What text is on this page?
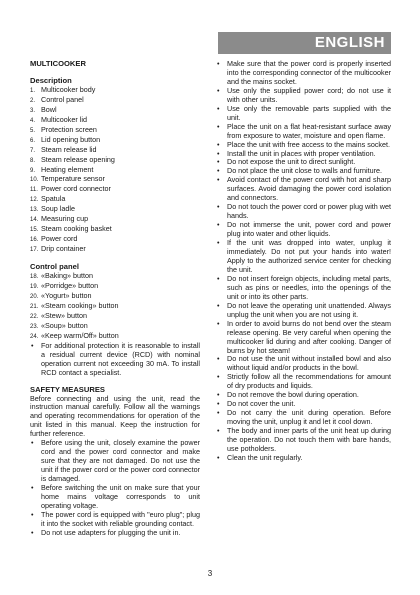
ENGLISH

MULTICOOKER

Description

1. Multicooker body

2. Control panel

3. Bowl

4. Multicooker lid

5. Protection screen

6. Lid opening button

7. Steam release lid

8. Steam release opening

9. Heating element

10. Temperature sensor

11. Power cord connector

12. Spatula

13. Soup ladle

14. Measuring cup

15. Steam cooking basket

16. Power cord

17. Drip container

Control panel

18. «Baking» button

19. «Porridge» button

20. «Yogurt» button

21. «Steam cooking» button

22. «Stew» button

23. «Soup» button

24. «Keep warm/Off» button

• For additional protection it is reasonable to install a residual current device (RCD) with nominal operation current not exceeding 30 mA. To install RCD contact a specialist.

SAFETY MEASURES

Before connecting and using the unit, read the instruction manual carefully. Follow all the warnings and operating recommendations for operation of the unit listed in this manual. Keep the instruction for further reference.

• Before using the unit, closely examine the power cord and the power cord connector and make sure that they are not damaged. Do not use the unit if the power cord or the power cord connector is damaged.
• Before switching the unit on make sure that your home mains voltage corresponds to unit operating voltage.
• The power cord is equipped with "euro plug"; plug it into the socket with reliable grounding contact.
• Do not use adapters for plugging the unit in.
• Make sure that the power cord is properly inserted into the corresponding connector of the multicooker and the mains socket.
• Use only the supplied power cord; do not use it with other units.
• Use only the removable parts supplied with the unit.
• Place the unit on a flat heat-resistant surface away from exposure to water, moisture and open flame.
• Place the unit with free access to the mains socket.
• Install the unit in places with proper ventilation.
• Do not expose the unit to direct sunlight.
• Do not place the unit close to walls and furniture.
• Avoid contact of the power cord with hot and sharp surfaces. Avoid damaging the power cord isolation and connectors.
• Do not touch the power cord or power plug with wet hands.
• Do not immerse the unit, power cord and power plug into water and other liquids.
• If the unit was dropped into water, unplug it immediately. Do not put your hands into water! Apply to the authorized service center for checking the unit.
• Do not insert foreign objects, including metal parts, such as pins or needles, into the openings of the unit or into its other parts.
• Do not leave the operating unit unattended. Always unplug the unit when you are not using it.
• In order to avoid burns do not bend over the steam release opening. Be very careful when opening the multicooker lid during and after cooking. Danger of burns by hot steam!
• Do not use the unit without installed bowl and also without liquid and/or products in the bowl.
• Strictly follow all the recommendations for amount of dry products and liquids.
• Do not remove the bowl during operation.
• Do not cover the unit.
• Do not carry the unit during operation. Before moving the unit, unplug it and let it cool down.
• The body and inner parts of the unit heat up during the operation. Do not touch them with bare hands, use potholders.
• Clean the unit regularly.
3
